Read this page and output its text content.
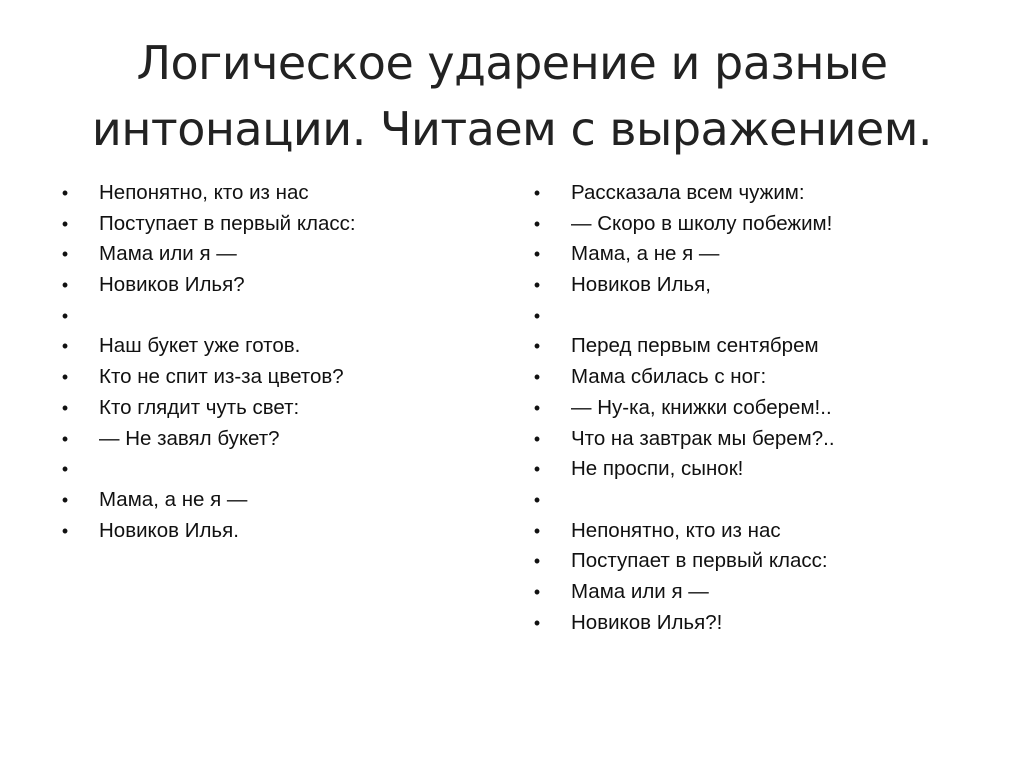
Логическое ударение и разные
интонации. Читаем с выражением.
• Непонятно, кто из нас
• Поступает в первый класс:
• Мама или я —
• Новиков Илья?
•
• Наш букет уже готов.
• Кто не спит из-за цветов?
• Кто глядит чуть свет:
• — Не завял букет?
•
• Мама, а не я —
• Новиков Илья.
• Рассказала всем чужим:
• — Скоро в школу побежим!
• Мама, а не я —
• Новиков Илья,
•
• Перед первым сентябрем
• Мама сбилась с ног:
• — Ну-ка, книжки соберем!..
• Что на завтрак мы берем?..
• Не проспи, сынок!
•
• Непонятно, кто из нас
• Поступает в первый класс:
• Мама или я —
• Новиков Илья?!
